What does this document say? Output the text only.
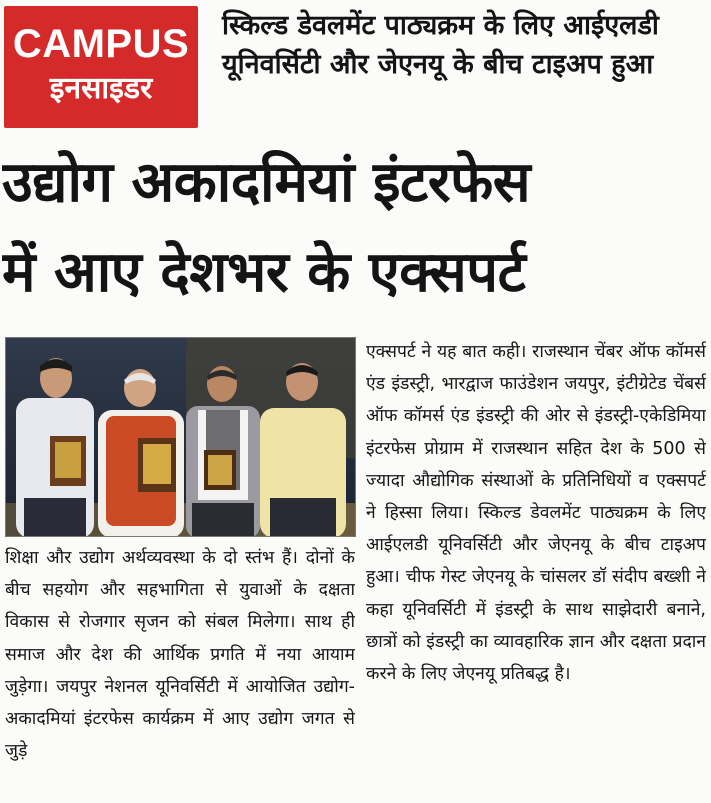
CAMPUS
इनसाइडर
स्किल्ड डेवलमेंट पाठ्यक्रम के लिए आईएलडी यूनिवर्सिटी और जेएनयू के बीच टाइअप हुआ
उद्योग अकादमियां इंटरफेस
में आए देशभर के एक्सपर्ट
शिक्षा और उद्योग अर्थव्यवस्था के दो स्तंभ हैं। दोनों के बीच सहयोग और सहभागिता से युवाओं के दक्षता विकास से रोजगार सृजन को संबल मिलेगा। साथ ही समाज और देश की आर्थिक प्रगति में नया आयाम जुड़ेगा। जयपुर नेशनल यूनिवर्सिटी में आयोजित उद्योग-अकादमियां इंटरफेस कार्यक्रम में आए उद्योग जगत से जुड़े
एक्सपर्ट ने यह बात कही। राजस्थान चेंबर ऑफ कॉमर्स एंड इंडस्ट्री, भारद्वाज फाउंडेशन जयपुर, इंटीग्रेटेड चेंबर्स ऑफ कॉमर्स एंड इंडस्ट्री की ओर से इंडस्ट्री-एकेडिमिया इंटरफेस प्रोग्राम में राजस्थान सहित देश के 500 से ज्यादा औद्योगिक संस्थाओं के प्रतिनिधियों व एक्सपर्ट ने हिस्सा लिया। स्किल्ड डेवलमेंट पाठ्यक्रम के लिए आईएलडी यूनिवर्सिटी और जेएनयू के बीच टाइअप हुआ। चीफ गेस्ट जेएनयू के चांसलर डॉ संदीप बख्शी ने कहा यूनिवर्सिटी में इंडस्ट्री के साथ साझेदारी बनाने, छात्रों को इंडस्ट्री का व्यावहारिक ज्ञान और दक्षता प्रदान करने के लिए जेएनयू प्रतिबद्ध है।
